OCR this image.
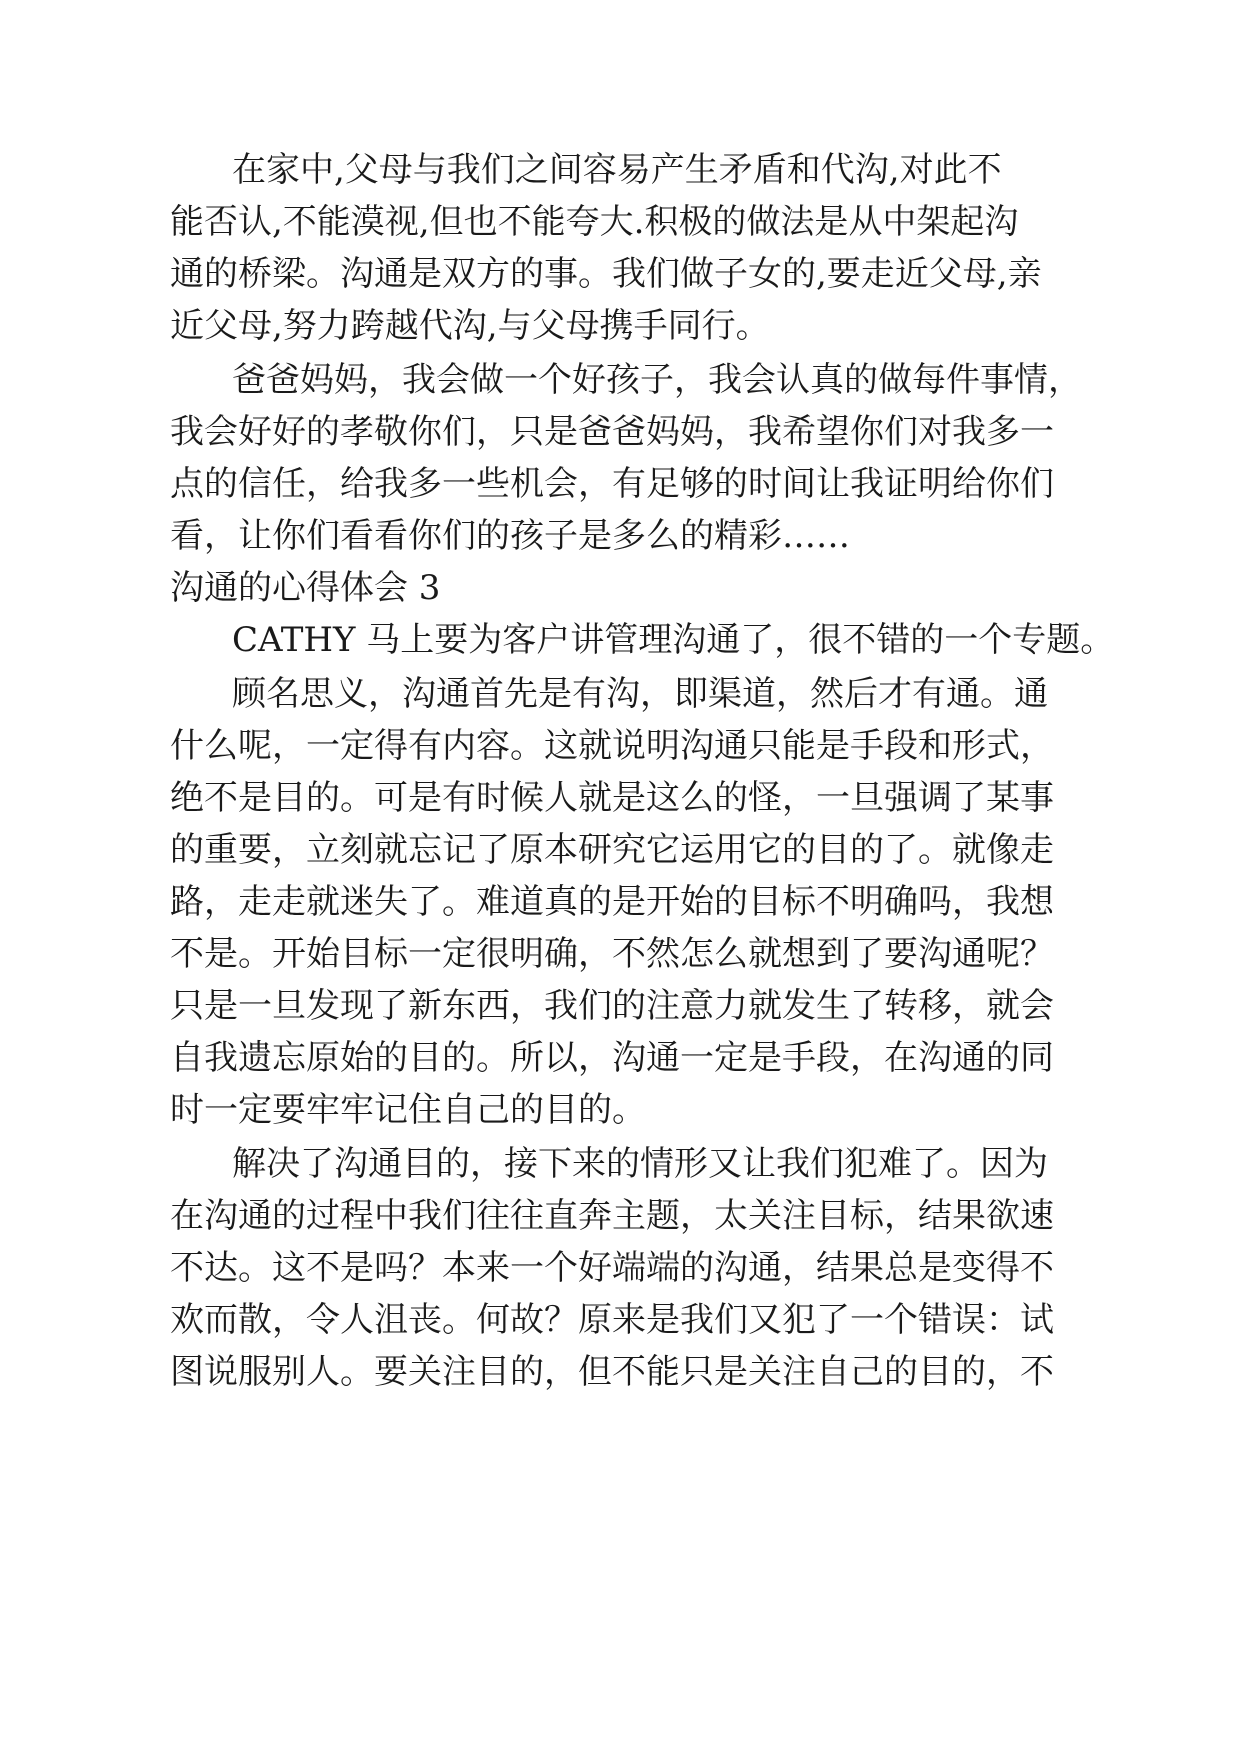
在家中,父母与我们之间容易产生矛盾和代沟,对此不
能否认,不能漠视,但也不能夸大.积极的做法是从中架起沟
通的桥梁。沟通是双方的事。我们做子女的,要走近父母,亲
近父母,努力跨越代沟,与父母携手同行。
爸爸妈妈，我会做一个好孩子，我会认真的做每件事情，
我会好好的孝敬你们，只是爸爸妈妈，我希望你们对我多一
点的信任，给我多一些机会，有足够的时间让我证明给你们
看，让你们看看你们的孩子是多么的精彩……
沟通的心得体会 3
CATHY 马上要为客户讲管理沟通了，很不错的一个专题。
顾名思义，沟通首先是有沟，即渠道，然后才有通。通
什么呢，一定得有内容。这就说明沟通只能是手段和形式，
绝不是目的。可是有时候人就是这么的怪，一旦强调了某事
的重要，立刻就忘记了原本研究它运用它的目的了。就像走
路，走走就迷失了。难道真的是开始的目标不明确吗，我想
不是。开始目标一定很明确，不然怎么就想到了要沟通呢？
只是一旦发现了新东西，我们的注意力就发生了转移，就会
自我遗忘原始的目的。所以，沟通一定是手段，在沟通的同
时一定要牢牢记住自己的目的。
解决了沟通目的，接下来的情形又让我们犯难了。因为
在沟通的过程中我们往往直奔主题，太关注目标，结果欲速
不达。这不是吗？本来一个好端端的沟通，结果总是变得不
欢而散，令人沮丧。何故？原来是我们又犯了一个错误：试
图说服别人。要关注目的，但不能只是关注自己的目的，不
